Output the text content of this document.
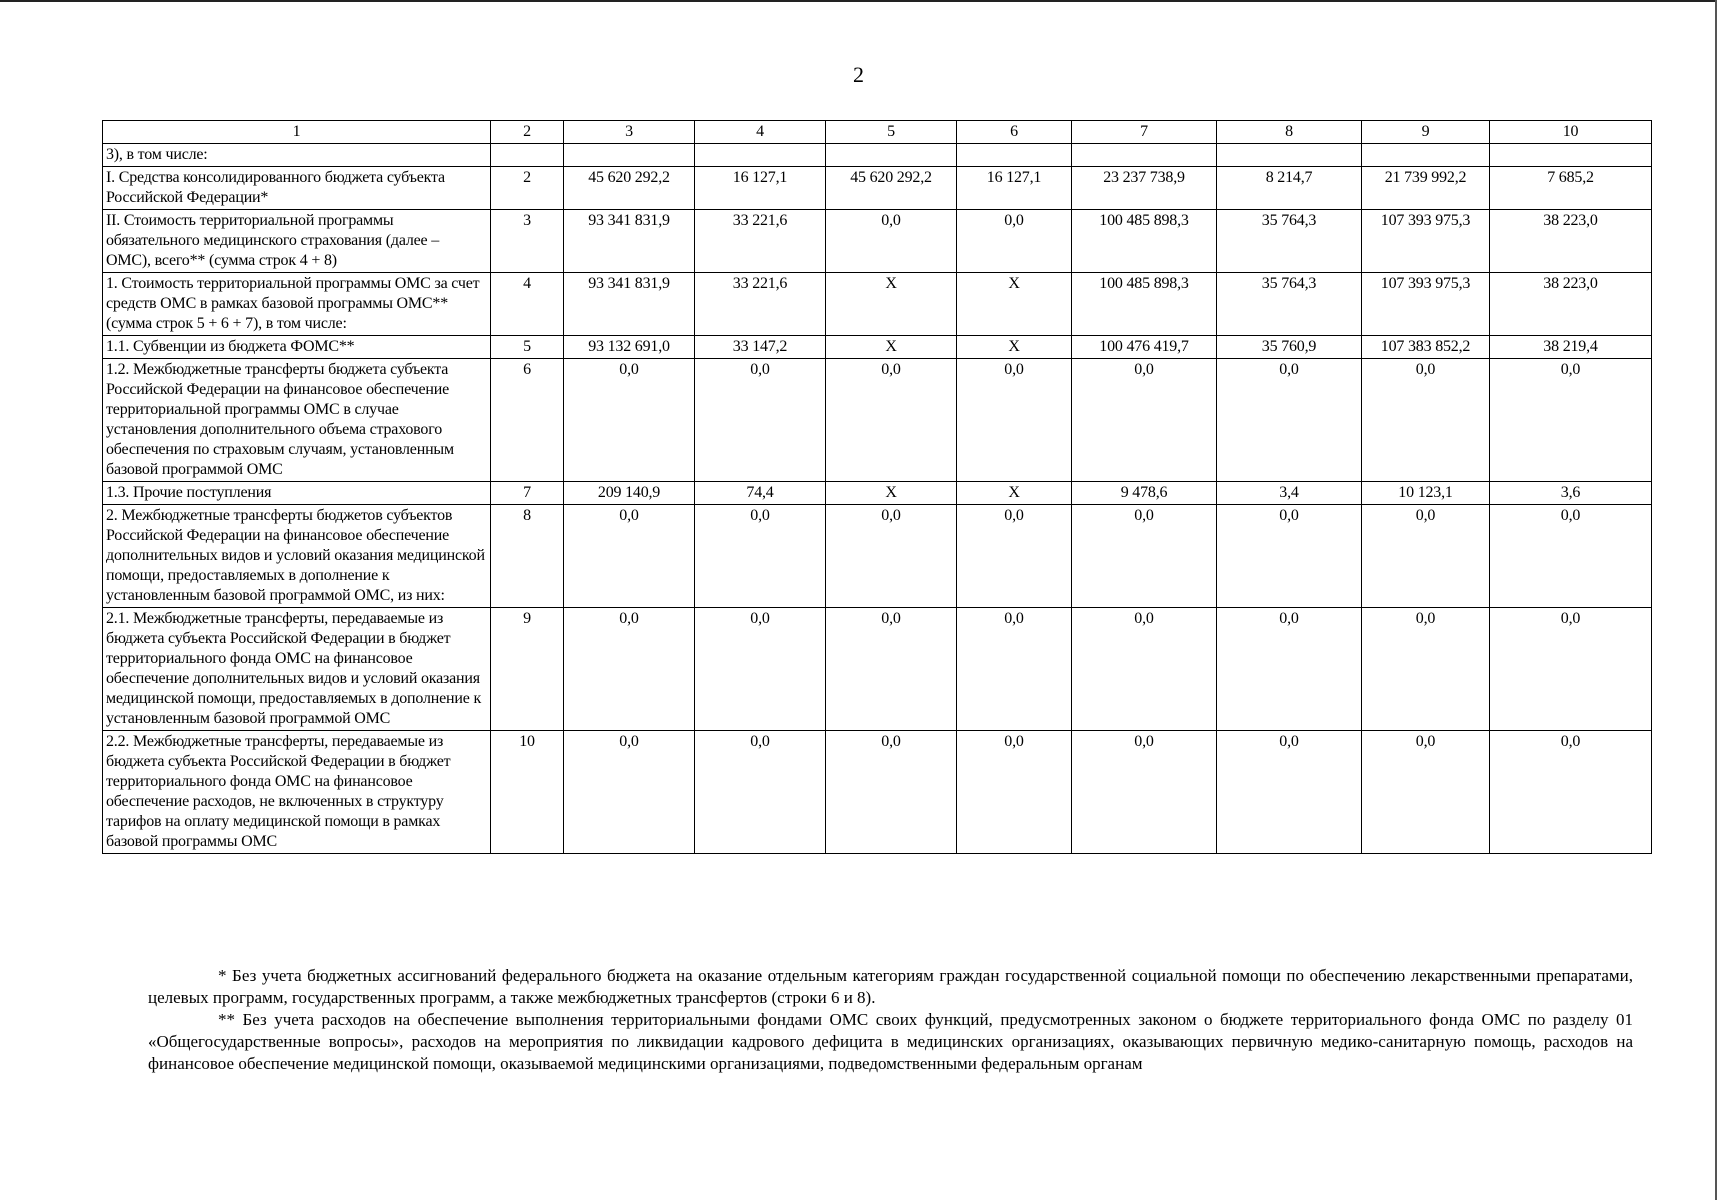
2
1	2	3	4	5	6	7	8	9	10
3), в том числе:									
I. Средства консолидированного бюджета субъекта Российской Федерации*	2	45 620 292,2	16 127,1	45 620 292,2	16 127,1	23 237 738,9	8 214,7	21 739 992,2	7 685,2
II. Стоимость территориальной программы обязательного медицинского страхования (далее – ОМС), всего** (сумма строк 4 + 8)	3	93 341 831,9	33 221,6	0,0	0,0	100 485 898,3	35 764,3	107 393 975,3	38 223,0
1. Стоимость территориальной программы ОМС за счет средств ОМС в рамках базовой программы ОМС** (сумма строк 5 + 6 + 7), в том числе:	4	93 341 831,9	33 221,6	X	X	100 485 898,3	35 764,3	107 393 975,3	38 223,0
1.1. Субвенции из бюджета ФОМС**	5	93 132 691,0	33 147,2	X	X	100 476 419,7	35 760,9	107 383 852,2	38 219,4
1.2. Межбюджетные трансферты бюджета субъекта Российской Федерации на финансовое обеспечение территориальной программы ОМС в случае установления дополнительного объема страхового обеспечения по страховым случаям, установленным базовой программой ОМС	6	0,0	0,0	0,0	0,0	0,0	0,0	0,0	0,0
1.3. Прочие поступления	7	209 140,9	74,4	X	X	9 478,6	3,4	10 123,1	3,6
2. Межбюджетные трансферты бюджетов субъектов Российской Федерации на финансовое обеспечение дополнительных видов и условий оказания медицинской помощи, предоставляемых в дополнение к установленным базовой программой ОМС, из них:	8	0,0	0,0	0,0	0,0	0,0	0,0	0,0	0,0
2.1. Межбюджетные трансферты, передаваемые из бюджета субъекта Российской Федерации в бюджет территориального фонда ОМС на финансовое обеспечение дополнительных видов и условий оказания медицинской помощи, предоставляемых в дополнение к установленным базовой программой ОМС	9	0,0	0,0	0,0	0,0	0,0	0,0	0,0	0,0
2.2. Межбюджетные трансферты, передаваемые из бюджета субъекта Российской Федерации в бюджет территориального фонда ОМС на финансовое обеспечение расходов, не включенных в структуру тарифов на оплату медицинской помощи в рамках базовой программы ОМС	10	0,0	0,0	0,0	0,0	0,0	0,0	0,0	0,0

* Без учета бюджетных ассигнований федерального бюджета на оказание отдельным категориям граждан государственной социальной помощи по обеспечению лекарственными препаратами, целевых программ, государственных программ, а также межбюджетных трансфертов (строки 6 и 8).

** Без учета расходов на обеспечение выполнения территориальными фондами ОМС своих функций, предусмотренных законом о бюджете территориального фонда ОМС по разделу 01 «Общегосударственные вопросы», расходов на мероприятия по ликвидации кадрового дефицита в медицинских организациях, оказывающих первичную медико-санитарную помощь, расходов на финансовое обеспечение медицинской помощи, оказываемой медицинскими организациями, подведомственными федеральным органам
